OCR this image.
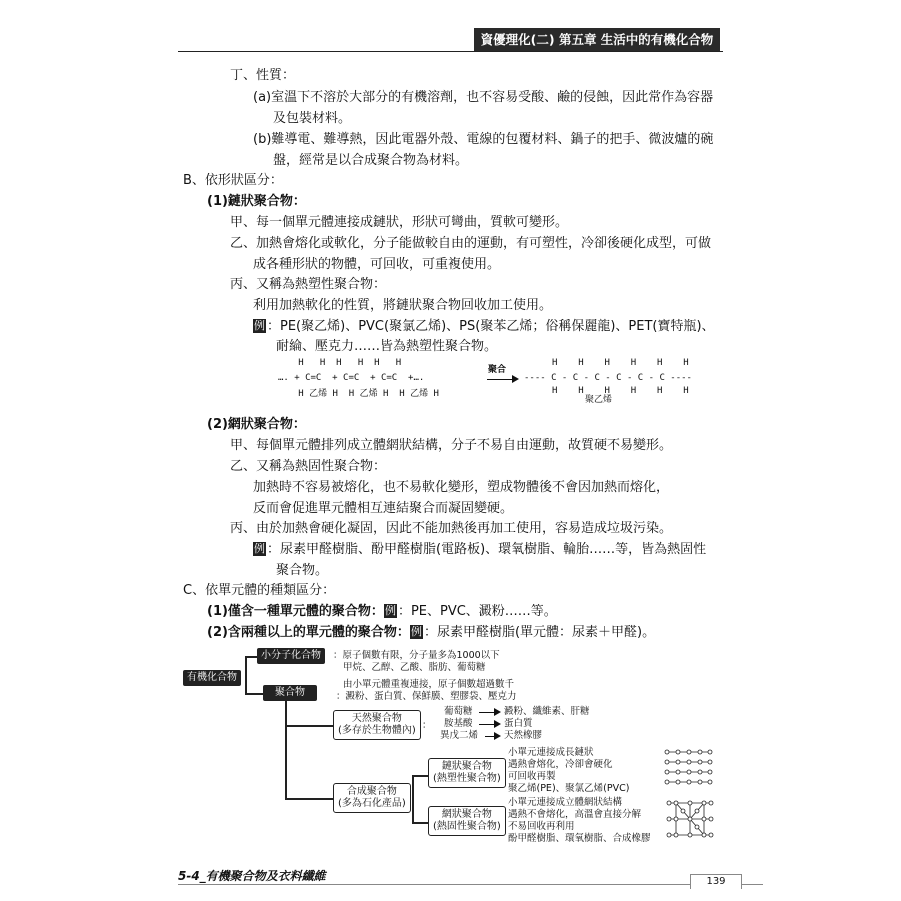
資優理化(二) 第五章 生活中的有機化合物
丁、性質：
(a)室溫下不溶於大部分的有機溶劑，也不容易受酸、鹼的侵蝕，因此常作為容器
及包裝材料。
(b)難導電、難導熱，因此電器外殼、電線的包覆材料、鍋子的把手、微波爐的碗
盤，經常是以合成聚合物為材料。
B、依形狀區分：
(1)鏈狀聚合物：
甲、每一個單元體連接成鏈狀，形狀可彎曲，質軟可變形。
乙、加熱會熔化或軟化，分子能做較自由的運動，有可塑性，冷卻後硬化成型，可做
成各種形狀的物體，可回收，可重複使用。
丙、又稱為熱塑性聚合物：
利用加熱軟化的性質，將鏈狀聚合物回收加工使用。
例 ：PE(聚乙烯)、PVC(聚氯乙烯)、PS(聚苯乙烯；俗稱保麗龍)、PET(寶特瓶)、
耐綸、壓克力……皆為熱塑性聚合物。
H   H  H   H  H   H
…. + C=C  + C=C  + C=C  +….
H 乙烯 H  H 乙烯 H  H 乙烯 H
聚合
H  H  H  H  H  H
---- C - C - C - C - C - C ----
H  H  H  H  H  H
聚乙烯
(2)網狀聚合物：
甲、每個單元體排列成立體網狀結構，分子不易自由運動，故質硬不易變形。
乙、又稱為熱固性聚合物：
加熱時不容易被熔化，也不易軟化變形，塑成物體後不會因加熱而熔化，
反而會促進單元體相互連結聚合而凝固變硬。
丙、由於加熱會硬化凝固，因此不能加熱後再加工使用，容易造成垃圾污染。
例 ：尿素甲醛樹脂、酚甲醛樹脂(電路板)、環氧樹脂、輪胎……等，皆為熱固性
聚合物。
C、依單元體的種類區分：
(1)僅含一種單元體的聚合物：例 ：PE、PVC、澱粉……等。
(2)含兩種以上的單元體的聚合物：例 ：尿素甲醛樹脂(單元體：尿素＋甲醛)。
有機化合物
小分子化合物	：原子個數有限，分子量多為1000以下
甲烷、乙醇、乙酸、脂肪、葡萄糖
聚合物
由小單元體重複連接，原子個數超過數千
：澱粉、蛋白質、保鮮膜、塑膠袋、壓克力
天然聚合物
(多存於生物體內) ：
葡萄糖	澱粉、纖維素、肝糖
胺基酸	蛋白質
異戊二烯	天然橡膠
合成聚合物
(多為石化產品)
鏈狀聚合物
(熱塑性聚合物)
小單元連接成長鏈狀
遇熱會熔化，冷卻會硬化
可回收再製
聚乙烯(PE)、聚氯乙烯(PVC)
網狀聚合物
(熱固性聚合物)
小單元連接成立體網狀結構
遇熱不會熔化，高溫會直接分解
不易回收再利用
酚甲醛樹脂、環氧樹脂、合成橡膠
5-4_有機聚合物及衣料纖維	139
